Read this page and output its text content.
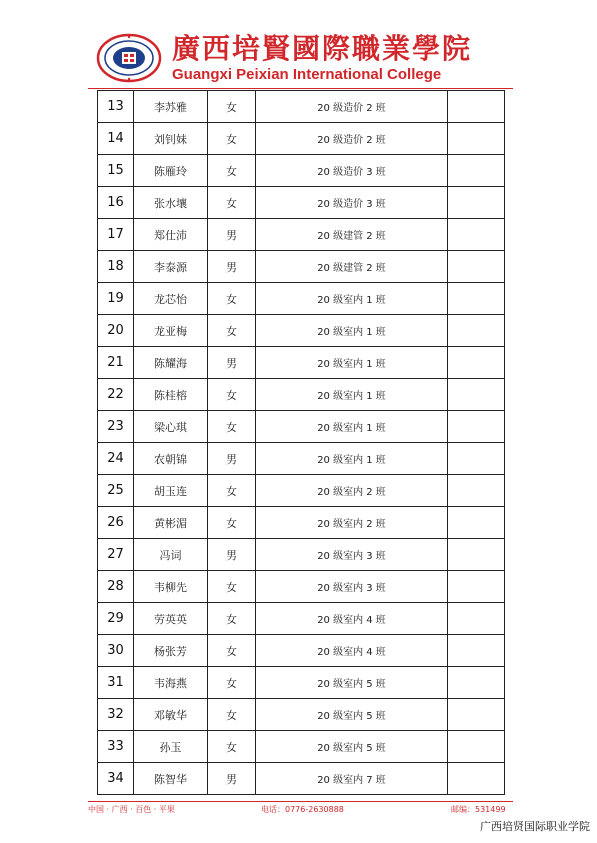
廣西培賢國際職業學院
Guangxi Peixian International College
13	李苏雅	女	20 级造价 2 班	
14	刘钊妹	女	20 级造价 2 班	
15	陈雁玲	女	20 级造价 3 班	
16	张水壤	女	20 级造价 3 班	
17	郑仕沛	男	20 级建管 2 班	
18	李泰源	男	20 级建管 2 班	
19	龙芯怡	女	20 级室内 1 班	
20	龙亚梅	女	20 级室内 1 班	
21	陈耀海	男	20 级室内 1 班	
22	陈桂榕	女	20 级室内 1 班	
23	梁心琪	女	20 级室内 1 班	
24	农朝锦	男	20 级室内 1 班	
25	胡玉连	女	20 级室内 2 班	
26	黄彬湄	女	20 级室内 2 班	
27	冯词	男	20 级室内 3 班	
28	韦柳先	女	20 级室内 3 班	
29	劳英英	女	20 级室内 4 班	
30	杨张芳	女	20 级室内 4 班	
31	韦海燕	女	20 级室内 5 班	
32	邓敏华	女	20 级室内 5 班	
33	孙玉	女	20 级室内 5 班	
34	陈智华	男	20 级室内 7 班	
中国 · 广西 · 百色 · 平果	电话：0776-2630888	邮编：531499
广西培贤国际职业学院
